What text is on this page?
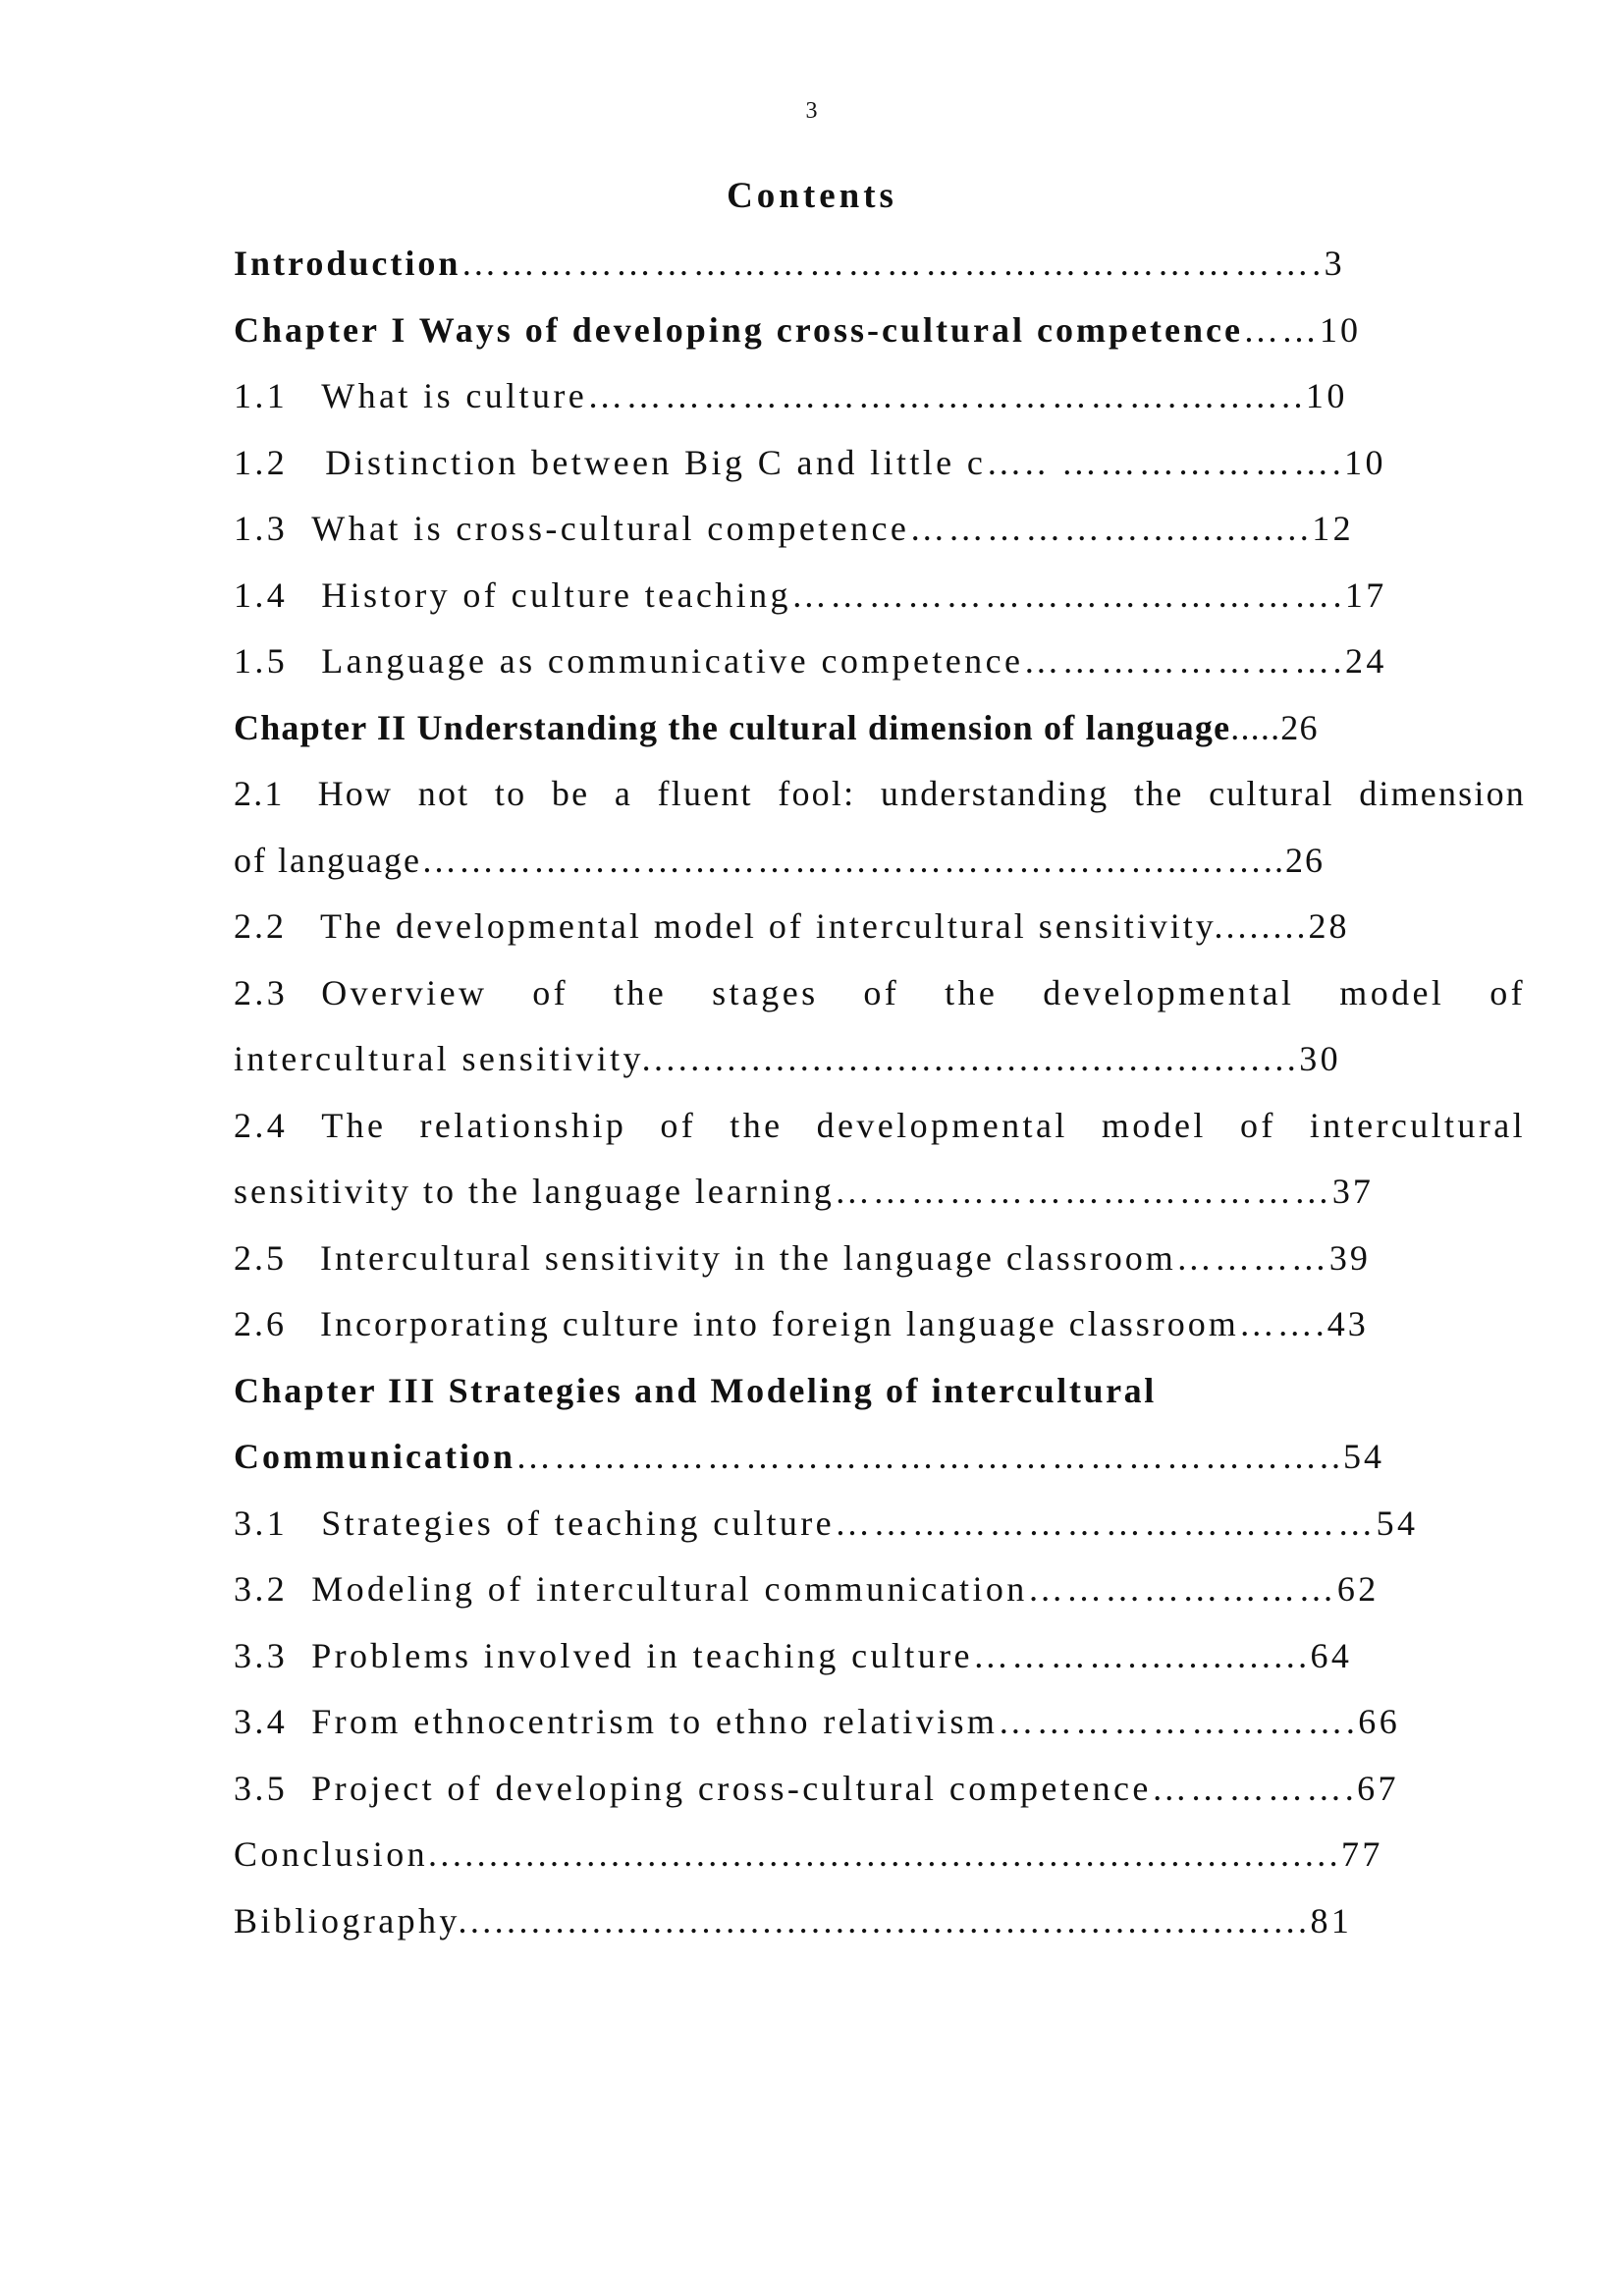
3
Contents
Introduction………………………………………………………….3
Chapter I Ways of developing cross-cultural competence……10
1.1 What is culture……………………………………….…..…..10
1.2 Distinction between Big C and little c….. ………………….10
1.3 What is cross-cultural competence………………..............12
1.4 History of culture teaching…………………………………….17
1.5 Language as communicative competence…………………….24
Chapter II Understanding the cultural dimension of language.....26
2.1 How not to be a fluent fool: understanding the cultural dimension
of language……………………………………………………..……..26
2.2 The developmental model of intercultural sensitivity........28
2.3 Overview of the stages of the developmental model of
intercultural sensitivity......................................................30
2.4 The relationship of the developmental model of intercultural
sensitivity to the language learning…………………………………37
2.5 Intercultural sensitivity in the language classroom…………39
2.6 Incorporating culture into foreign language classroom…….43
Chapter III Strategies and Modeling of intercultural
Communication………………………………………………………..54
3.1 Strategies of teaching culture……………………………………54
3.2 Modeling of intercultural communication……………………62
3.3 Problems involved in teaching culture…………...............64
3.4 From ethnocentrism to ethno relativism……………………….66
3.5 Project of developing cross-cultural competence…………….67
Conclusion...........................................................................77
Bibliography......................................................................81
